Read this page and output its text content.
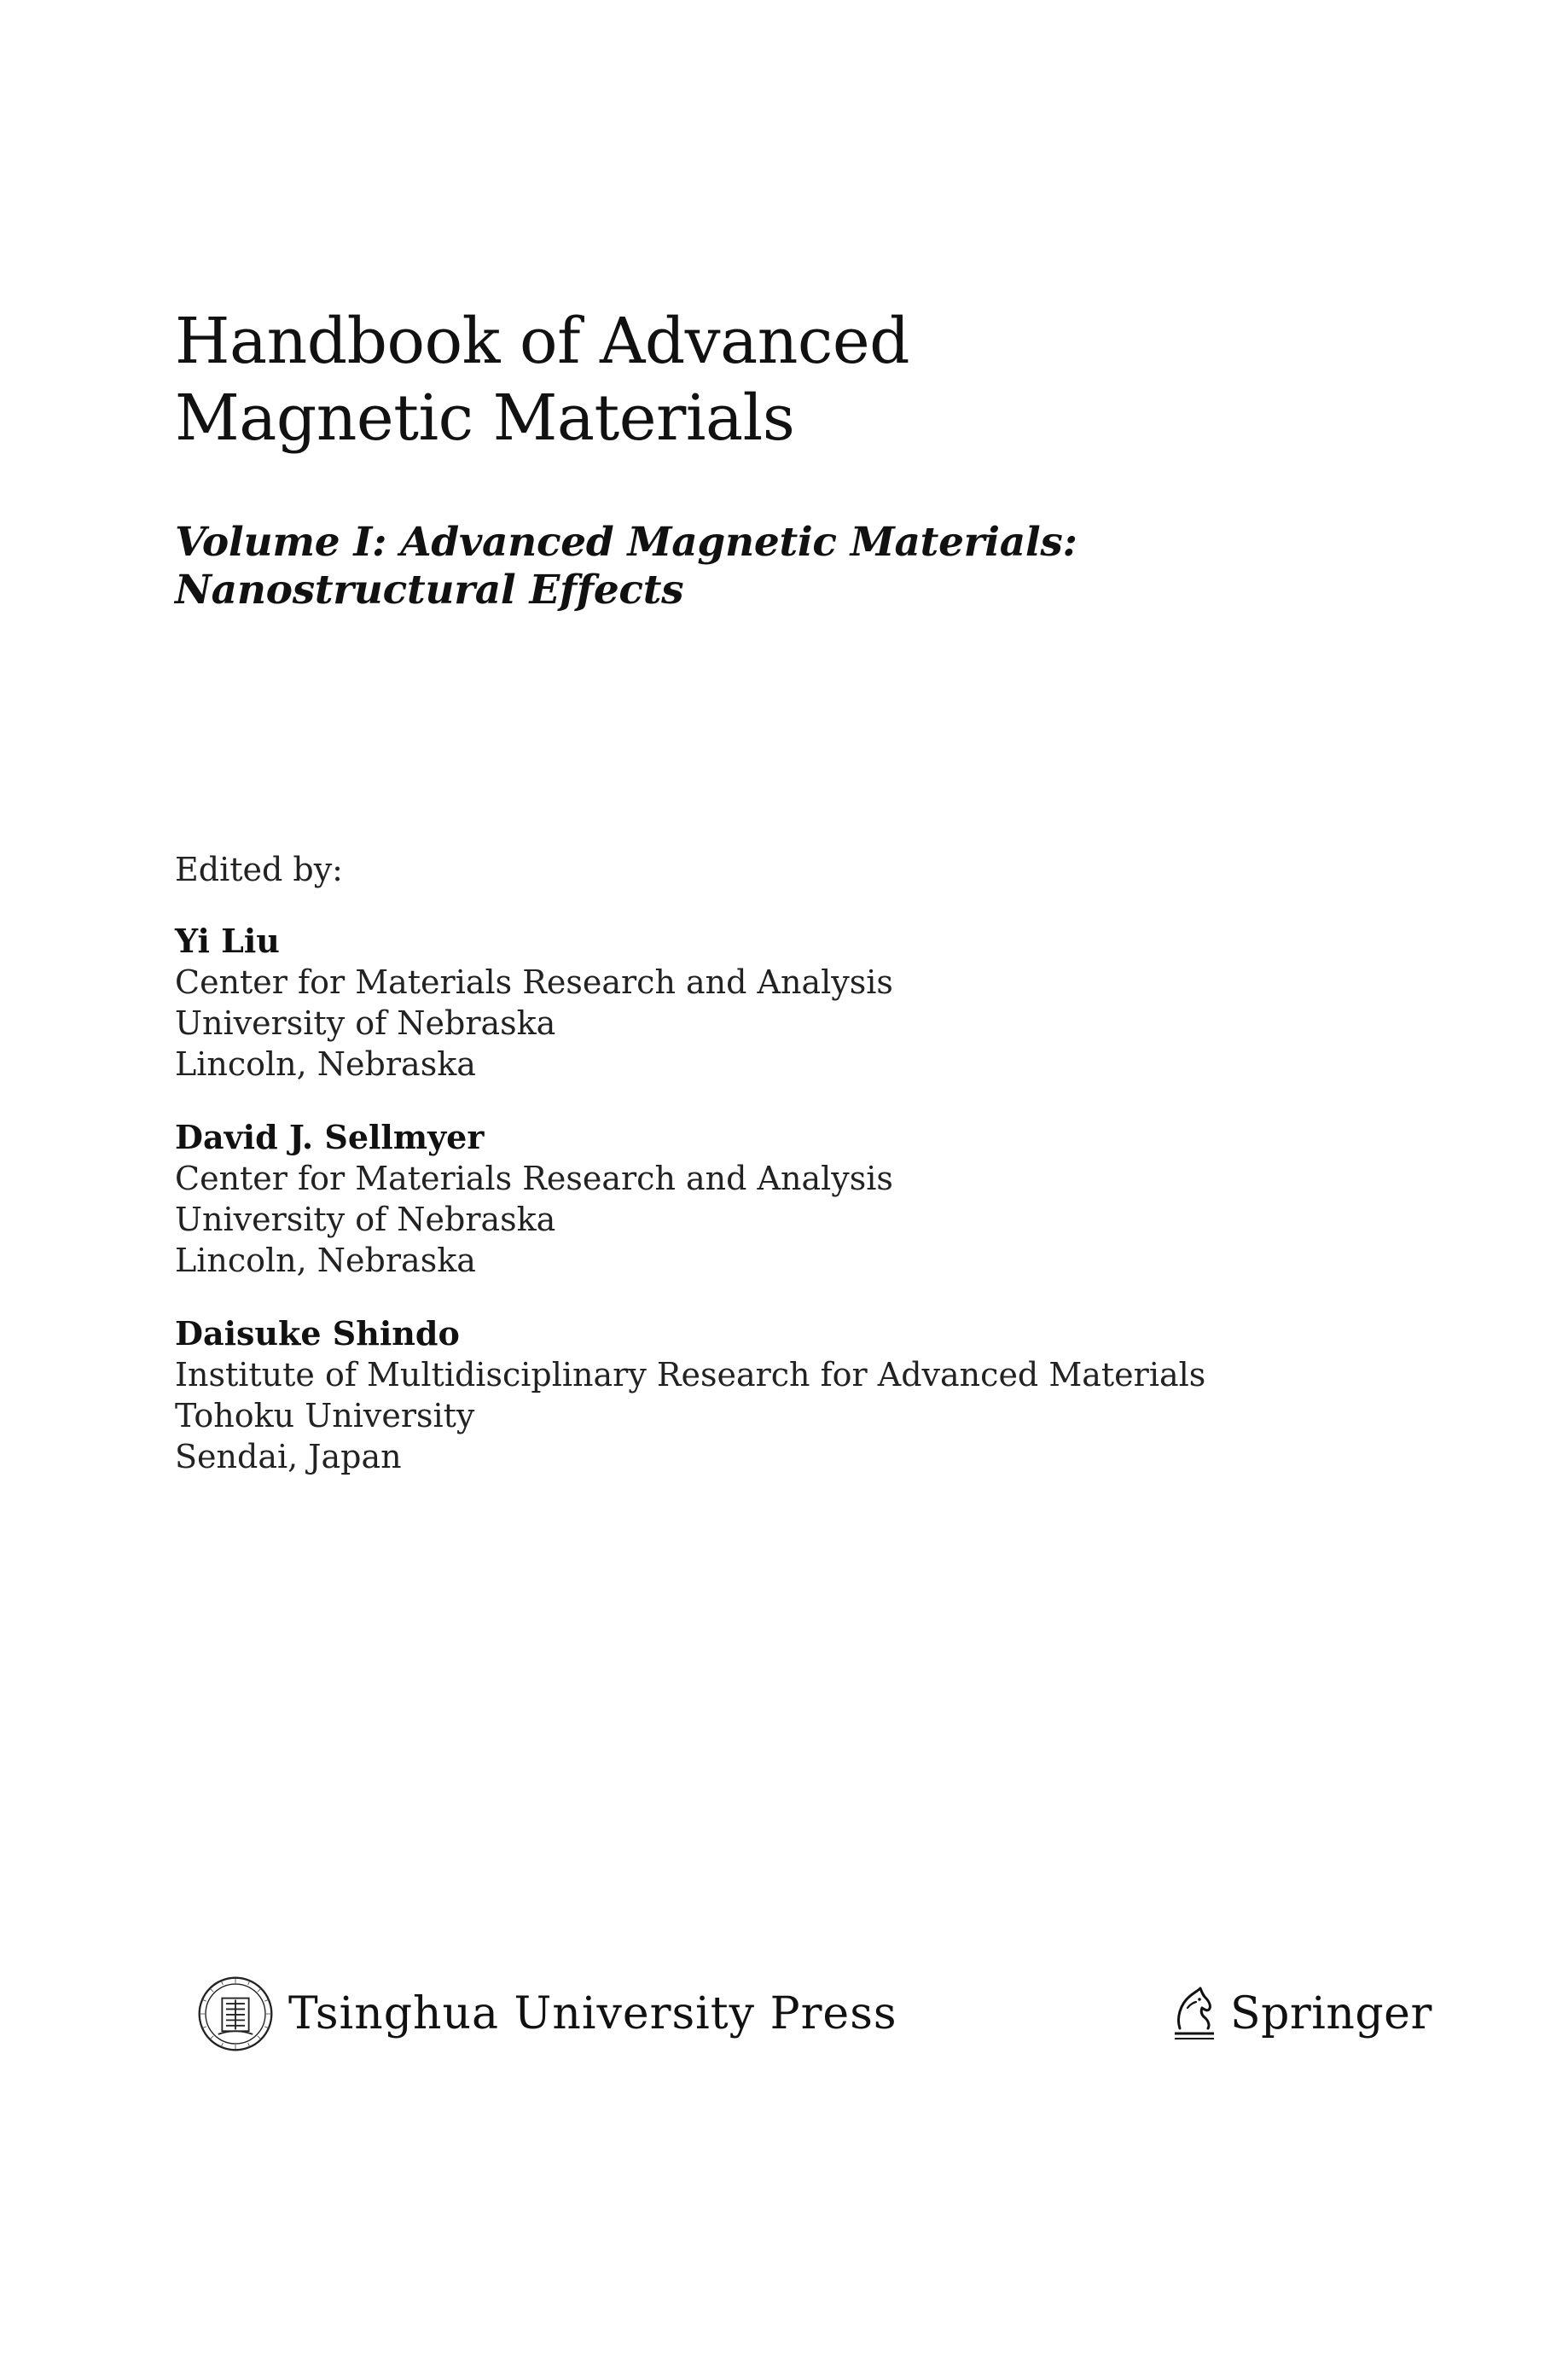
Handbook of Advanced
Magnetic Materials
Volume I: Advanced Magnetic Materials:
Nanostructural Effects
Edited by:
Yi Liu
Center for Materials Research and Analysis
University of Nebraska
Lincoln, Nebraska
David J. Sellmyer
Center for Materials Research and Analysis
University of Nebraska
Lincoln, Nebraska
Daisuke Shindo
Institute of Multidisciplinary Research for Advanced Materials
Tohoku University
Sendai, Japan
Tsinghua University Press	Springer
